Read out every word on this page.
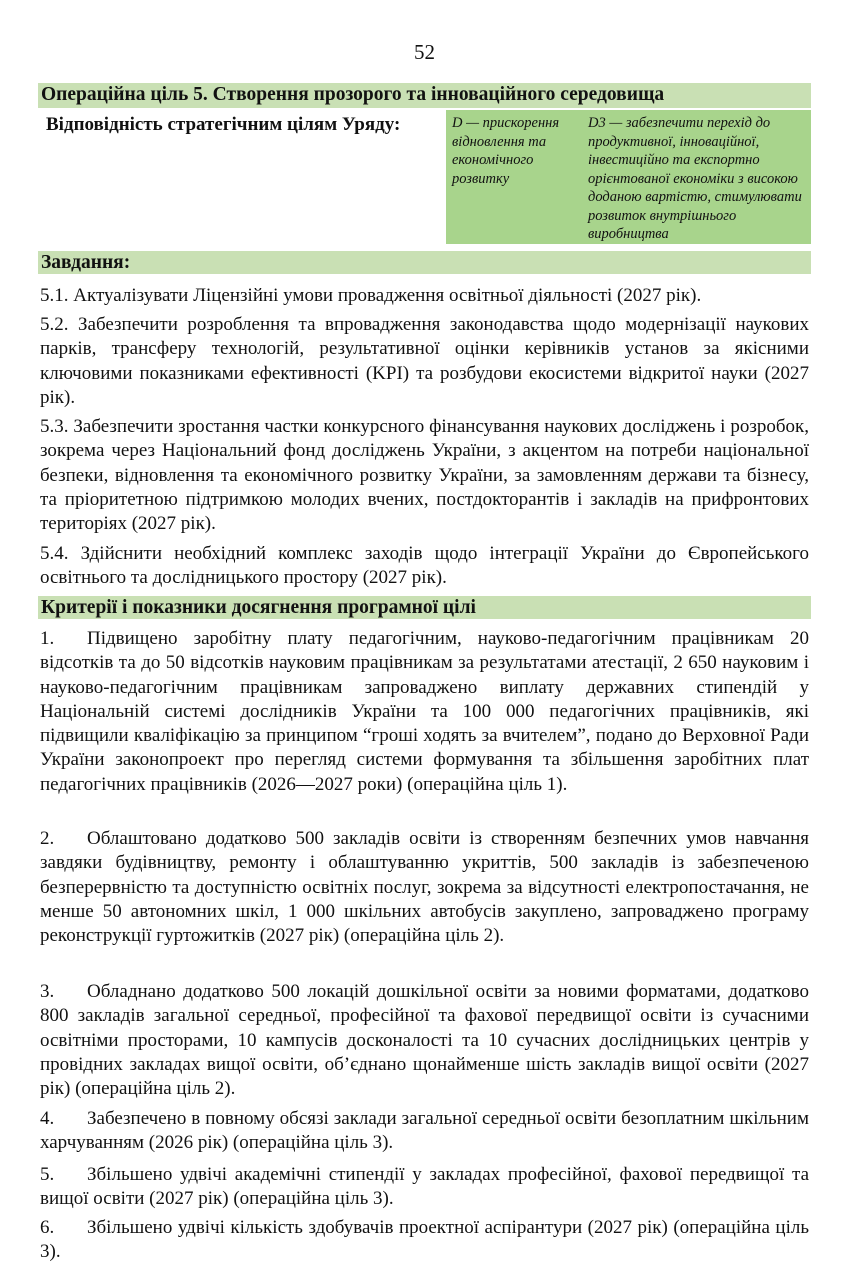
52
Операційна ціль 5. Створення прозорого та інноваційного середовища
Відповідність стратегічним цілям Уряду:	D — прискорення відновлення та економічного розвитку
D3 — забезпечити перехід до продуктивної, інноваційної, інвестиційно та експортно орієнтованої економіки з високою доданою вартістю, стимулювати розвиток внутрішнього виробництва
Завдання:

5.1. Актуалізувати Ліцензійні умови провадження освітньої діяльності (2027 рік).

5.2. Забезпечити розроблення та впровадження законодавства щодо модернізації наукових парків, трансферу технологій, результативної оцінки керівників установ за якісними ключовими показниками ефективності (KPI) та розбудови екосистеми відкритої науки (2027 рік).

5.3. Забезпечити зростання частки конкурсного фінансування наукових досліджень і розробок, зокрема через Національний фонд досліджень України, з акцентом на потреби національної безпеки, відновлення та економічного розвитку України, за замовленням держави та бізнесу, та пріоритетною підтримкою молодих вчених, постдокторантів і закладів на прифронтових територіях (2027 рік).

5.4. Здійснити необхідний комплекс заходів щодо інтеграції України до Європейського освітнього та дослідницького простору (2027 рік).

Критерії і показники досягнення програмної цілі

1. Підвищено заробітну плату педагогічним, науково-педагогічним працівникам 20 відсотків та до 50 відсотків науковим працівникам за результатами атестації, 2 650 науковим і науково-педагогічним працівникам запроваджено виплату державних стипендій у Національній системі дослідників України та 100 000 педагогічних працівників, які підвищили кваліфікацію за принципом “гроші ходять за вчителем”, подано до Верховної Ради України законопроект про перегляд системи формування та збільшення заробітних плат педагогічних працівників (2026—2027 роки) (операційна ціль 1).

2. Облаштовано додатково 500 закладів освіти із створенням безпечних умов навчання завдяки будівництву, ремонту і облаштуванню укриттів, 500 закладів із забезпеченою безперервністю та доступністю освітніх послуг, зокрема за відсутності електропостачання, не менше 50 автономних шкіл, 1 000 шкільних автобусів закуплено, запроваджено програму реконструкції гуртожитків (2027 рік) (операційна ціль 2).

3. Обладнано додатково 500 локацій дошкільної освіти за новими форматами, додатково 800 закладів загальної середньої, професійної та фахової передвищої освіти із сучасними освітніми просторами, 10 кампусів досконалості та 10 сучасних дослідницьких центрів у провідних закладах вищої освіти, об’єднано щонайменше шість закладів вищої освіти (2027 рік) (операційна ціль 2).

4. Забезпечено в повному обсязі заклади загальної середньої освіти безоплатним шкільним харчуванням (2026 рік) (операційна ціль 3).

5. Збільшено удвічі академічні стипендії у закладах професійної, фахової передвищої та вищої освіти (2027 рік) (операційна ціль 3).

6. Збільшено удвічі кількість здобувачів проектної аспірантури (2027 рік) (операційна ціль 3).
